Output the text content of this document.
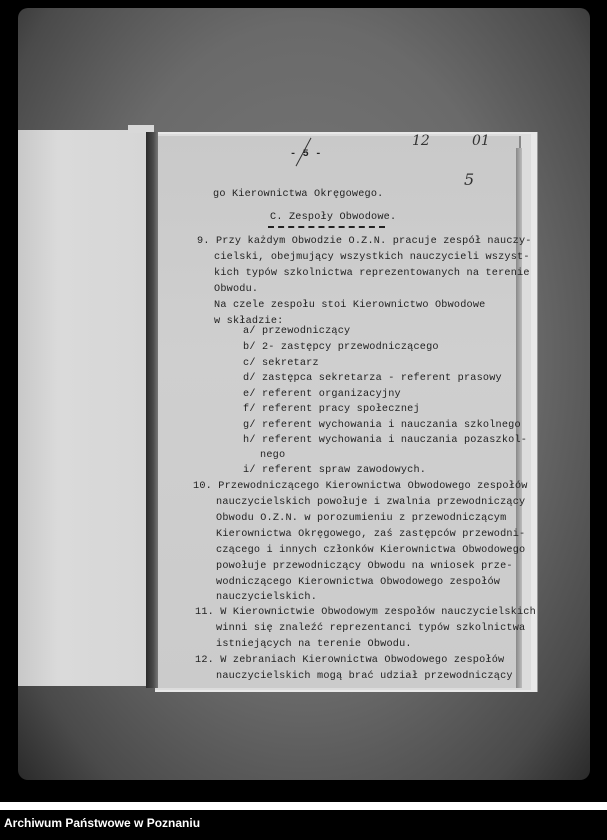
- 5 -
12	01
5
go Kierownictwa Okręgowego.
C. Zespoły Obwodowe.
9. Przy każdym Obwodzie O.Z.N. pracuje zespół nauczy-
cielski, obejmujący wszystkich nauczycieli wszyst-
kich typów szkolnictwa reprezentowanych na terenie
Obwodu.
Na czele zespołu stoi Kierownictwo Obwodowe
w składzie:
a/ przewodniczący
b/ 2- zastępcy przewodniczącego
c/ sekretarz
d/ zastępca sekretarza - referent prasowy
e/ referent organizacyjny
f/ referent pracy społecznej
g/ referent wychowania i nauczania szkolnego
h/ referent wychowania i nauczania pozaszkol-
nego
i/ referent spraw zawodowych.
10. Przewodniczącego Kierownictwa Obwodowego zespołów
nauczycielskich powołuje i zwalnia przewodniczący
Obwodu O.Z.N. w porozumieniu z przewodniczącym
Kierownictwa Okręgowego, zaś zastępców przewodni-
czącego i innych członków Kierownictwa Obwodowego
powołuje przewodniczący Obwodu na wniosek prze-
wodniczącego Kierownictwa Obwodowego zespołów
nauczycielskich.
11. W Kierownictwie Obwodowym zespołów nauczycielskich
winni się znaleźć reprezentanci typów szkolnictwa
istniejących na terenie Obwodu.
12. W zebraniach Kierownictwa Obwodowego zespołów
nauczycielskich mogą brać udział przewodniczący
Archiwum Państwowe w Poznaniu
